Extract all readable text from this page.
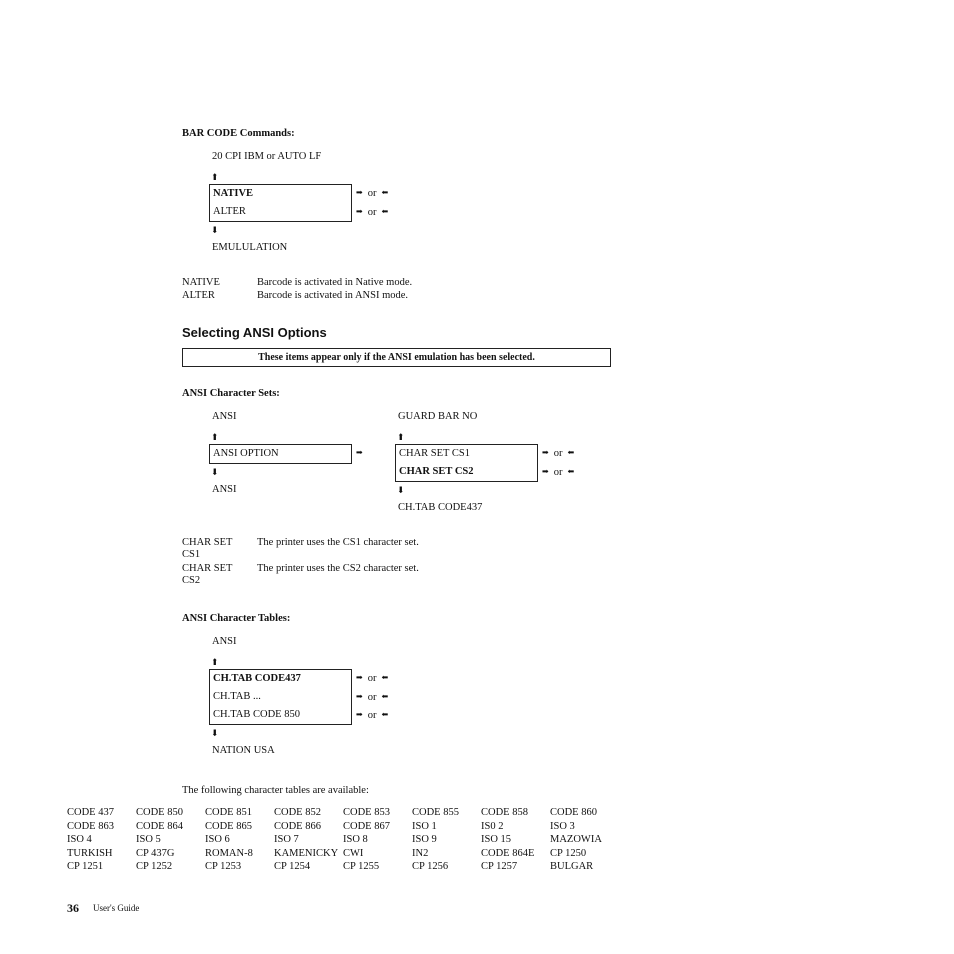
BAR CODE Commands:
20 CPI IBM or AUTO LF
⬆
NATIVE
ALTER
➡ or ⬅
➡ or ⬅
⬇
EMULULATION
NATIVE	Barcode is activated in Native mode.
ALTER	Barcode is activated in ANSI mode.
Selecting ANSI Options
These items appear only if the ANSI emulation has been selected.
ANSI Character Sets:
ANSI
⬆
ANSI OPTION	➡
⬇
ANSI
GUARD BAR NO
⬆
CHAR SET CS1
CHAR SET CS2
➡ or ⬅
➡ or ⬅
⬇
CH.TAB CODE437
CHAR SET
CS1
The printer uses the CS1 character set.
CHAR SET
CS2
The printer uses the CS2 character set.
ANSI Character Tables:
ANSI
⬆
CH.TAB CODE437
CH.TAB ...
CH.TAB CODE 850
➡ or ⬅
➡ or ⬅
➡ or ⬅
⬇
NATION USA
The following character tables are available:
CODE 437	CODE 850	CODE 851	CODE 852	CODE 853	CODE 855	CODE 858	CODE 860
CODE 863	CODE 864	CODE 865	CODE 866	CODE 867	ISO 1	IS0 2	ISO 3
ISO 4	ISO 5	ISO 6	ISO 7	ISO 8	ISO 9	ISO 15	MAZOWIA
TURKISH	CP 437G	ROMAN-8	KAMENICKY	CWI	IN2	CODE 864E	CP 1250
CP 1251	CP 1252	CP 1253	CP 1254	CP 1255	CP 1256	CP 1257	BULGAR
36 User's Guide
